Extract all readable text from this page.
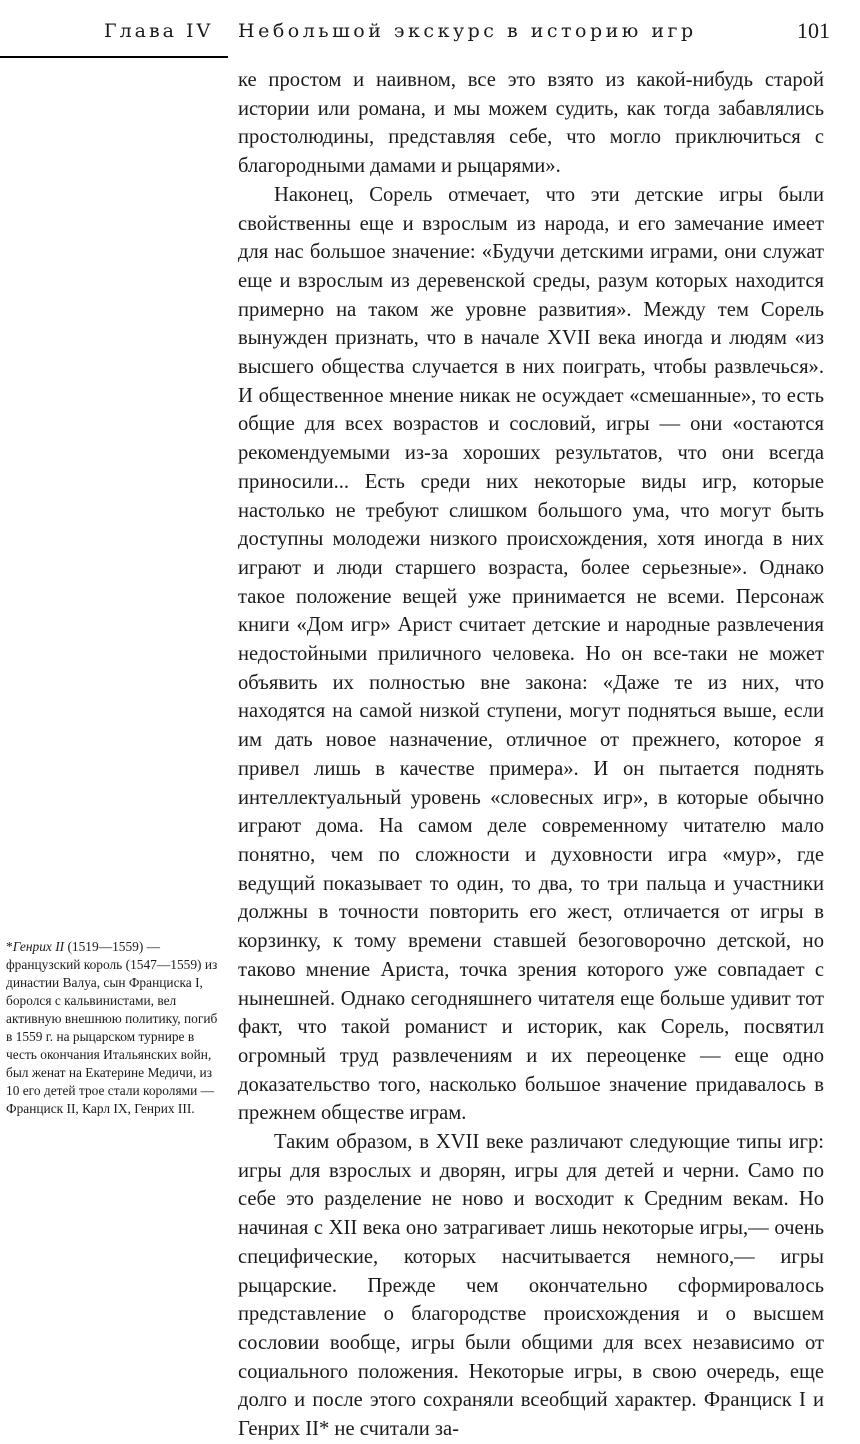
Глава IV Небольшой экскурс в историю игр	101

ке простом и наивном, все это взято из какой-нибудь старой истории или романа, и мы можем судить, как тогда забавлялись простолюдины, представляя себе, что могло приключиться с благородными дамами и рыцарями».

Наконец, Сорель отмечает, что эти детские игры были свойственны еще и взрослым из народа, и его замечание имеет для нас большое значение: «Будучи детскими играми, они служат еще и взрослым из деревенской среды, разум которых находится примерно на таком же уровне развития». Между тем Сорель вынужден признать, что в начале XVII века иногда и людям «из высшего общества случается в них поиграть, чтобы развлечься». И общественное мнение никак не осуждает «смешанные», то есть общие для всех возрастов и сословий, игры — они «остаются рекомендуемыми из-за хороших результатов, что они всегда приносили... Есть среди них некоторые виды игр, которые настолько не требуют слишком большого ума, что могут быть доступны молодежи низкого происхождения, хотя иногда в них играют и люди старшего возраста, более серьезные». Однако такое положение вещей уже принимается не всеми. Персонаж книги «Дом игр» Арист считает детские и народные развлечения недостойными приличного человека. Но он все-таки не может объявить их полностью вне закона: «Даже те из них, что находятся на самой низкой ступени, могут подняться выше, если им дать новое назначение, отличное от прежнего, которое я привел лишь в качестве примера». И он пытается поднять интеллектуальный уровень «словесных игр», в которые обычно играют дома. На самом деле современному читателю мало понятно, чем по сложности и духовности игра «мур», где ведущий показывает то один, то два, то три пальца и участники должны в точности повторить его жест, отличается от игры в корзинку, к тому времени ставшей безоговорочно детской, но таково мнение Ариста, точка зрения которого уже совпадает с нынешней. Однако сегодняшнего читателя еще больше удивит тот факт, что такой романист и историк, как Сорель, посвятил огромный труд развлечениям и их переоценке — еще одно доказательство того, насколько большое значение придавалось в прежнем обществе играм.

Таким образом, в XVII веке различают следующие типы игр: игры для взрослых и дворян, игры для детей и черни. Само по себе это разделение не ново и восходит к Средним векам. Но начиная с XII века оно затрагивает лишь некоторые игры,— очень специфические, которых насчитывается немного,— игры рыцарские. Прежде чем окончательно сформировалось представление о благородстве происхождения и о высшем сословии вообще, игры были общими для всех независимо от социального положения. Некоторые игры, в свою очередь, еще долго и после этого сохраняли всеобщий характер. Франциск I и Генрих II* не считали за-

*Генрих II (1519—1559) — французский король (1547—1559) из династии Валуа, сын Франциска I, боролся с кальвинистами, вел активную внешнюю политику, погиб в 1559 г. на рыцарском турнире в честь окончания Итальянских войн, был женат на Екатерине Медичи, из 10 его детей трое стали королями — Франциск II, Карл IX, Генрих III.
